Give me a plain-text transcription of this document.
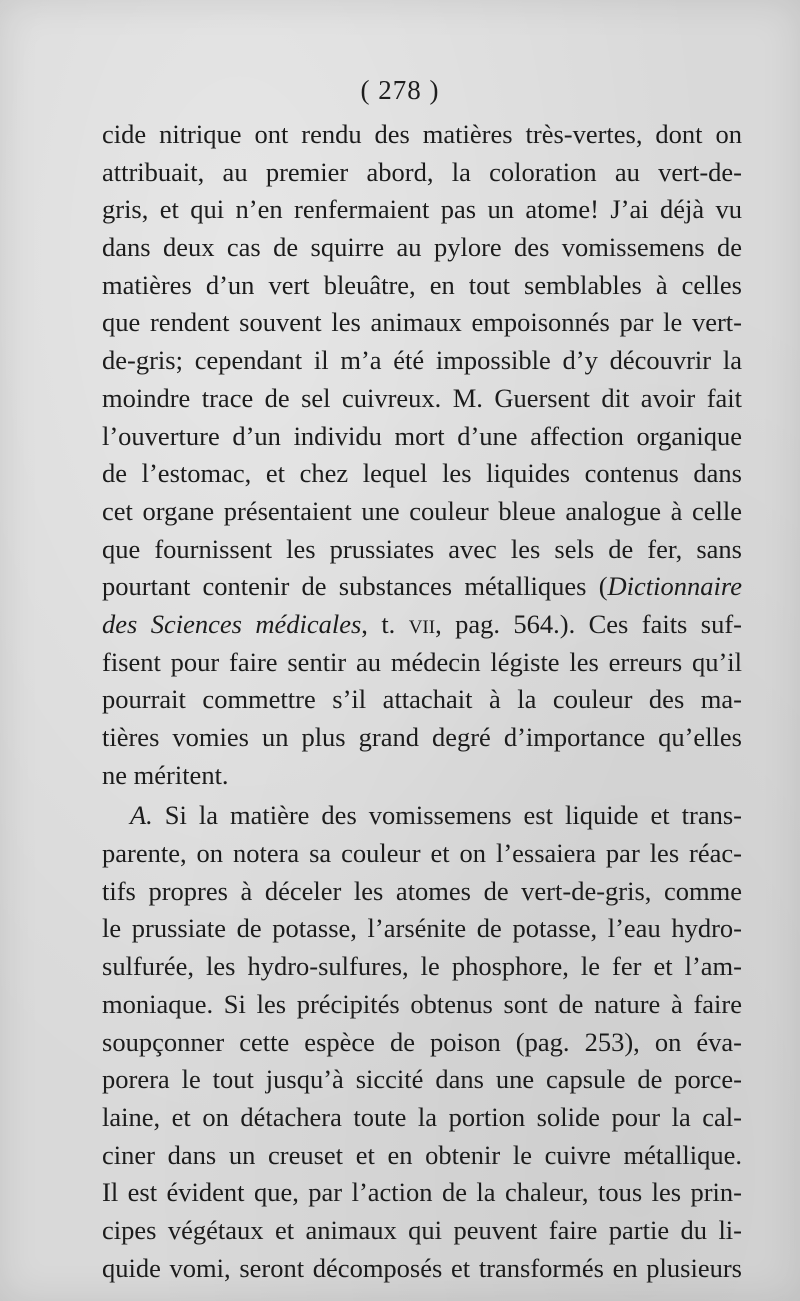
( 278 )
cide nitrique ont rendu des matières très-vertes, dont on
attribuait, au premier abord, la coloration au vert-de-
gris, et qui n’en renfermaient pas un atome! J’ai déjà vu
dans deux cas de squirre au pylore des vomissemens de
matières d’un vert bleuâtre, en tout semblables à celles
que rendent souvent les animaux empoisonnés par le vert-
de-gris; cependant il m’a été impossible d’y découvrir la
moindre trace de sel cuivreux. M. Guersent dit avoir fait
l’ouverture d’un individu mort d’une affection organique
de l’estomac, et chez lequel les liquides contenus dans
cet organe présentaient une couleur bleue analogue à celle
que fournissent les prussiates avec les sels de fer, sans
pourtant contenir de substances métalliques (Dictionnaire
des Sciences médicales, t. vii, pag. 564.). Ces faits suf-
fisent pour faire sentir au médecin légiste les erreurs qu’il
pourrait commettre s’il attachait à la couleur des ma-
tières vomies un plus grand degré d’importance qu’elles
ne méritent.
A. Si la matière des vomissemens est liquide et trans-
parente, on notera sa couleur et on l’essaiera par les réac-
tifs propres à déceler les atomes de vert-de-gris, comme
le prussiate de potasse, l’arsénite de potasse, l’eau hydro-
sulfurée, les hydro-sulfures, le phosphore, le fer et l’am-
moniaque. Si les précipités obtenus sont de nature à faire
soupçonner cette espèce de poison (pag. 253), on éva-
porera le tout jusqu’à siccité dans une capsule de porce-
laine, et on détachera toute la portion solide pour la cal-
ciner dans un creuset et en obtenir le cuivre métallique.
Il est évident que, par l’action de la chaleur, tous les prin-
cipes végétaux et animaux qui peuvent faire partie du li-
quide vomi, seront décomposés et transformés en plusieurs
